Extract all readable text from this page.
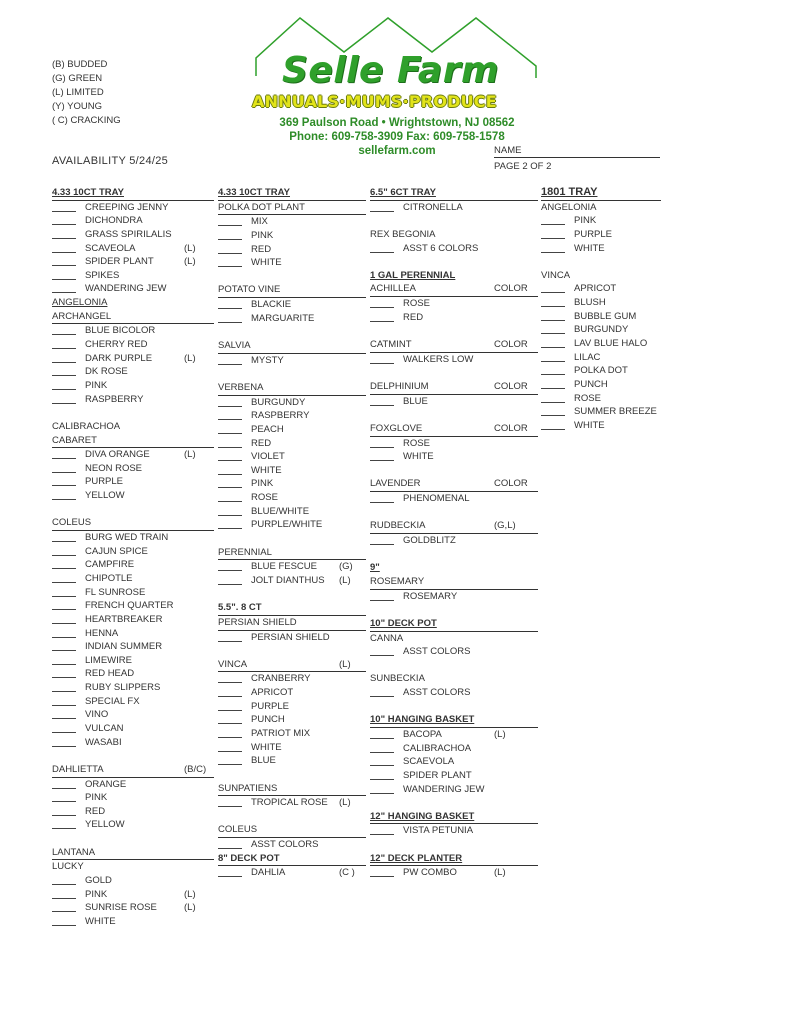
(B) BUDDED
(G) GREEN
(L) LIMITED
(Y) YOUNG
( C) CRACKING
Selle Farm
ANNUALS·MUMS·PRODUCE
369 Paulson Road • Wrightstown, NJ 08562
Phone: 609-758-3909 Fax: 609-758-1578
sellefarm.com
AVAILABILITY 5/24/25
NAME
PAGE 2 OF 2
4.33 10CT TRAY
CREEPING JENNY
DICHONDRA
GRASS SPIRILALIS
SCAVEOLA	(L)
SPIDER PLANT	(L)
SPIKES
WANDERING JEW
ANGELONIA
ARCHANGEL
BLUE BICOLOR
CHERRY RED
DARK PURPLE	(L)
DK ROSE
PINK
RASPBERRY
CALIBRACHOA
CABARET
DIVA ORANGE	(L)
NEON ROSE
PURPLE
YELLOW
COLEUS
BURG WED TRAIN
CAJUN SPICE
CAMPFIRE
CHIPOTLE
FL SUNROSE
FRENCH QUARTER
HEARTBREAKER
HENNA
INDIAN SUMMER
LIMEWIRE
RED HEAD
RUBY SLIPPERS
SPECIAL FX
VINO
VULCAN
WASABI
DAHLIETTA	(B/C)
ORANGE
PINK
RED
YELLOW
LANTANA
LUCKY
GOLD
PINK	(L)
SUNRISE ROSE	(L)
WHITE
4.33 10CT TRAY
POLKA DOT PLANT
MIX
PINK
RED
WHITE
POTATO VINE
BLACKIE
MARGUARITE
SALVIA
MYSTY
VERBENA
BURGUNDY
RASPBERRY
PEACH
RED
VIOLET
WHITE
PINK
ROSE
BLUE/WHITE
PURPLE/WHITE
PERENNIAL
BLUE FESCUE (G)
JOLT DIANTHUS (L)
5.5". 8 CT
PERSIAN SHIELD
PERSIAN SHIELD
VINCA	(L)
CRANBERRY
APRICOT
PURPLE
PUNCH
PATRIOT MIX
WHITE
BLUE
SUNPATIENS
TROPICAL ROSE (L)
COLEUS
ASST COLORS
8" DECK POT
DAHLIA	(C )
6.5" 6CT TRAY
CITRONELLA
REX BEGONIA
ASST 6 COLORS
1 GAL PERENNIAL
ACHILLEA	COLOR
ROSE
RED
CATMINT	COLOR
WALKERS LOW
DELPHINIUM	COLOR
BLUE
FOXGLOVE	COLOR
ROSE
WHITE
LAVENDER	COLOR
PHENOMENAL
RUDBECKIA	(G,L)
GOLDBLITZ
9"
ROSEMARY
ROSEMARY
10" DECK POT
CANNA
ASST COLORS
SUNBECKIA
ASST COLORS
10" HANGING BASKET
BACOPA	(L)
CALIBRACHOA
SCAEVOLA
SPIDER PLANT
WANDERING JEW
12" HANGING BASKET
VISTA PETUNIA
12" DECK PLANTER
PW COMBO	(L)
1801 TRAY
ANGELONIA
PINK
PURPLE
WHITE
VINCA
APRICOT
BLUSH
BUBBLE GUM
BURGUNDY
LAV BLUE HALO
LILAC
POLKA DOT
PUNCH
ROSE
SUMMER BREEZE
WHITE
